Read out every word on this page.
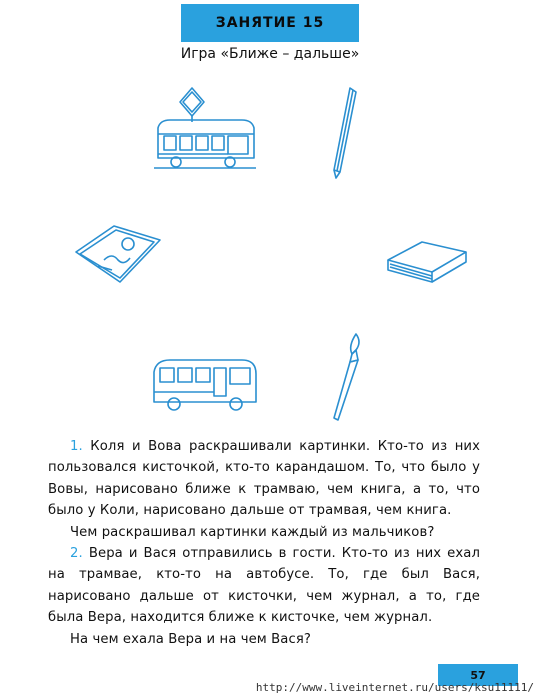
ЗАНЯТИЕ 15
Игра «Ближе – дальше»

1. Коля и Вова раскрашивали картинки. Кто-то из них пользовался кисточкой, кто-то карандашом. То, что было у Вовы, нарисовано ближе к трамваю, чем книга, а то, что было у Коли, нарисовано дальше от трамвая, чем книга.

Чем раскрашивал картинки каждый из мальчиков?

2. Вера и Вася отправились в гости. Кто-то из них ехал на трамвае, кто-то на автобусе. То, где был Вася, нарисовано дальше от кисточки, чем журнал, а то, где была Вера, находится ближе к кисточке, чем журнал.

На чем ехала Вера и на чем Вася?

57
http://www.liveinternet.ru/users/ksu11111/
